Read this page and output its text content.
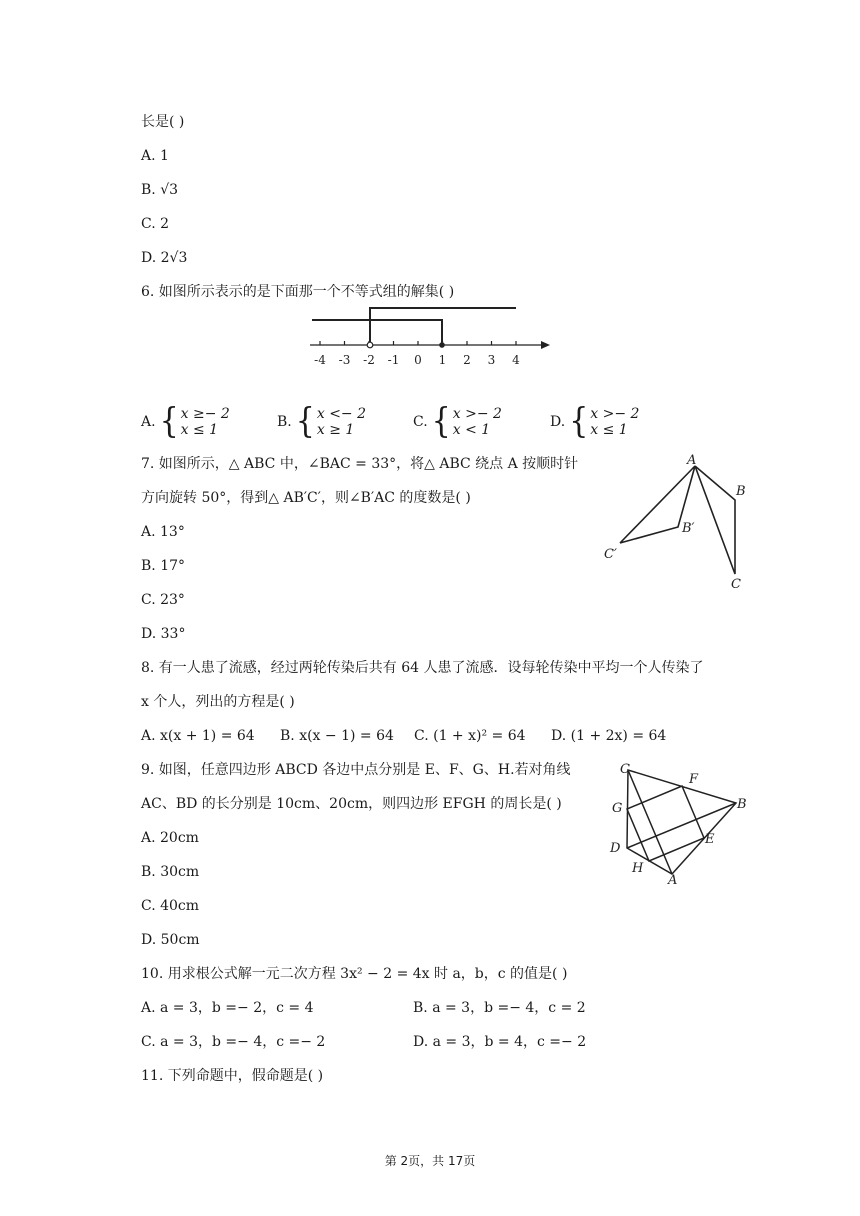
长是( )
A. 1
B. √3
C. 2
D. 2√3
6. 如图所示表示的是下面那一个不等式组的解集( )
-4 -3 -2 -1 0 1 2 3 4
A. { x ≥− 2
x ≤ 1	B. { x <− 2
x ≥ 1	C. { x >− 2
x < 1	D. { x >− 2
x ≤ 1
7. 如图所示，△ ABC 中，∠BAC = 33°，将△ ABC 绕点 A 按顺时针
方向旋转 50°，得到△ AB′C′，则∠B′AC 的度数是( )
A. 13°
B. 17°
C. 23°
D. 33°
A
B
C
B′
C′
8. 有一人患了流感，经过两轮传染后共有 64 人患了流感．设每轮传染中平均一个人传染了
x 个人，列出的方程是( )
A. x(x + 1) = 64 B. x(x − 1) = 64 C. (1 + x)² = 64 D. (1 + 2x) = 64
9. 如图，任意四边形 ABCD 各边中点分别是 E、F、G、H.若对角线
AC、BD 的长分别是 10cm、20cm，则四边形 EFGH 的周长是( )
A. 20cm
B. 30cm
C. 40cm
D. 50cm
A
B
C
D
E
F
G
H
10. 用求根公式解一元二次方程 3x² − 2 = 4x 时 a，b，c 的值是( )
A. a = 3，b =− 2，c = 4	B. a = 3，b =− 4，c = 2
C. a = 3，b =− 4，c =− 2	D. a = 3，b = 4，c =− 2
11. 下列命题中，假命题是( )
第 2页，共 17页
